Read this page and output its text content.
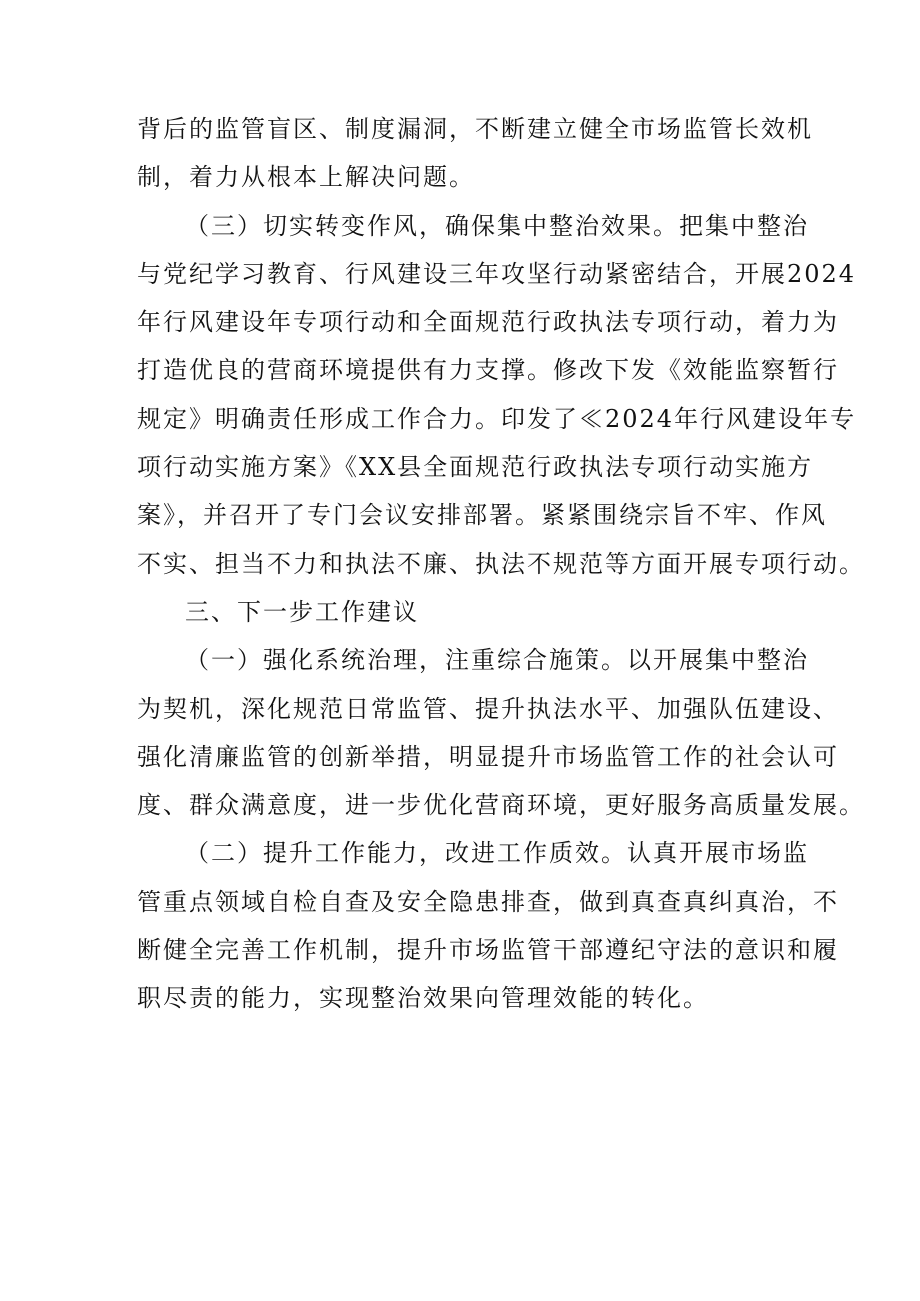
背后的监管盲区、制度漏洞，不断建立健全市场监管长效机
制，着力从根本上解决问题。
（三）切实转变作风，确保集中整治效果。把集中整治
与党纪学习教育、行风建设三年攻坚行动紧密结合，开展2024
年行风建设年专项行动和全面规范行政执法专项行动，着力为
打造优良的营商环境提供有力支撑。修改下发《效能监察暂行
规定》明确责任形成工作合力。印发了≪2024年行风建设年专
项行动实施方案》《XX县全面规范行政执法专项行动实施方
案》，并召开了专门会议安排部署。紧紧围绕宗旨不牢、作风
不实、担当不力和执法不廉、执法不规范等方面开展专项行动。
三、下一步工作建议
（一）强化系统治理，注重综合施策。以开展集中整治
为契机，深化规范日常监管、提升执法水平、加强队伍建设、
强化清廉监管的创新举措，明显提升市场监管工作的社会认可
度、群众满意度，进一步优化营商环境，更好服务高质量发展。
（二）提升工作能力，改进工作质效。认真开展市场监
管重点领域自检自查及安全隐患排查，做到真查真纠真治，不
断健全完善工作机制，提升市场监管干部遵纪守法的意识和履
职尽责的能力，实现整治效果向管理效能的转化。
